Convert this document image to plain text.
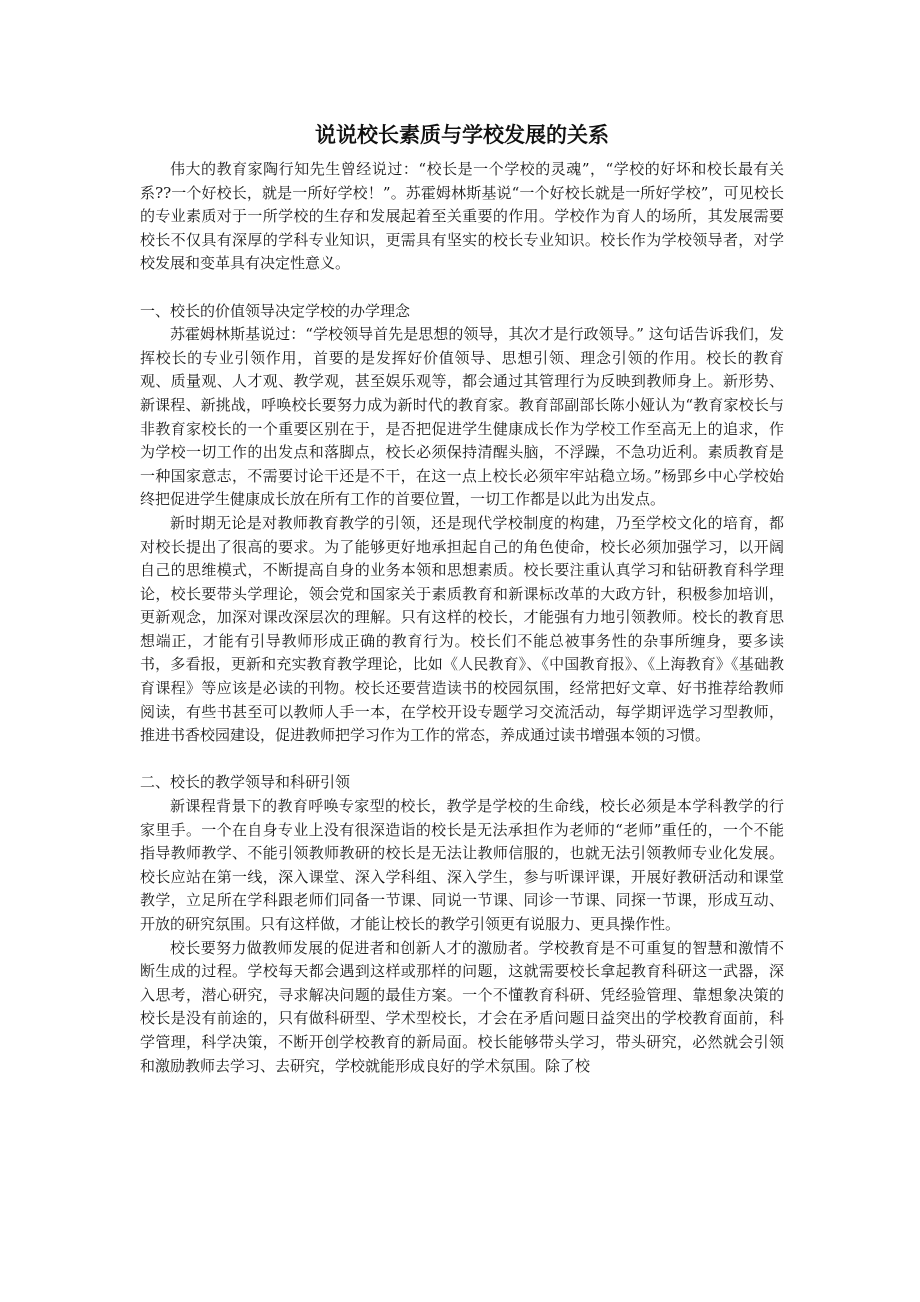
说说校长素质与学校发展的关系

伟大的教育家陶行知先生曾经说过：“校长是一个学校的灵魂”，“学校的好坏和校长最有关系??一个好校长，就是一所好学校！”。苏霍姆林斯基说“一个好校长就是一所好学校”，可见校长的专业素质对于一所学校的生存和发展起着至关重要的作用。学校作为育人的场所，其发展需要校长不仅具有深厚的学科专业知识，更需具有坚实的校长专业知识。校长作为学校领导者，对学校发展和变革具有决定性意义。

一、校长的价值领导决定学校的办学理念

苏霍姆林斯基说过：“学校领导首先是思想的领导，其次才是行政领导。” 这句话告诉我们，发挥校长的专业引领作用，首要的是发挥好价值领导、思想引领、理念引领的作用。校长的教育观、质量观、人才观、教学观，甚至娱乐观等，都会通过其管理行为反映到教师身上。新形势、新课程、新挑战，呼唤校长要努力成为新时代的教育家。教育部副部长陈小娅认为“教育家校长与非教育家校长的一个重要区别在于，是否把促进学生健康成长作为学校工作至高无上的追求，作为学校一切工作的出发点和落脚点，校长必须保持清醒头脑，不浮躁，不急功近利。素质教育是一种国家意志，不需要讨论干还是不干，在这一点上校长必须牢牢站稳立场。”杨郢乡中心学校始终把促进学生健康成长放在所有工作的首要位置，一切工作都是以此为出发点。

新时期无论是对教师教育教学的引领，还是现代学校制度的构建，乃至学校文化的培育，都对校长提出了很高的要求。为了能够更好地承担起自己的角色使命，校长必须加强学习，以开阔自己的思维模式，不断提高自身的业务本领和思想素质。校长要注重认真学习和钻研教育科学理论，校长要带头学理论，领会党和国家关于素质教育和新课标改革的大政方针，积极参加培训，更新观念，加深对课改深层次的理解。只有这样的校长，才能强有力地引领教师。校长的教育思想端正，才能有引导教师形成正确的教育行为。校长们不能总被事务性的杂事所缠身，要多读书，多看报，更新和充实教育教学理论，比如《人民教育》、《中国教育报》、《上海教育》《基础教育课程》等应该是必读的刊物。校长还要营造读书的校园氛围，经常把好文章、好书推荐给教师阅读，有些书甚至可以教师人手一本，在学校开设专题学习交流活动，每学期评选学习型教师，推进书香校园建设，促进教师把学习作为工作的常态，养成通过读书增强本领的习惯。

二、校长的教学领导和科研引领

新课程背景下的教育呼唤专家型的校长，教学是学校的生命线，校长必须是本学科教学的行家里手。一个在自身专业上没有很深造诣的校长是无法承担作为老师的“老师”重任的，一个不能指导教师教学、不能引领教师教研的校长是无法让教师信服的，也就无法引领教师专业化发展。校长应站在第一线，深入课堂、深入学科组、深入学生，参与听课评课，开展好教研活动和课堂教学，立足所在学科跟老师们同备一节课、同说一节课、同诊一节课、同探一节课，形成互动、开放的研究氛围。只有这样做，才能让校长的教学引领更有说服力、更具操作性。

校长要努力做教师发展的促进者和创新人才的激励者。学校教育是不可重复的智慧和激情不断生成的过程。学校每天都会遇到这样或那样的问题，这就需要校长拿起教育科研这一武器，深入思考，潜心研究，寻求解决问题的最佳方案。一个不懂教育科研、凭经验管理、靠想象决策的校长是没有前途的，只有做科研型、学术型校长，才会在矛盾问题日益突出的学校教育面前，科学管理，科学决策，不断开创学校教育的新局面。校长能够带头学习，带头研究，必然就会引领和激励教师去学习、去研究，学校就能形成良好的学术氛围。除了校
